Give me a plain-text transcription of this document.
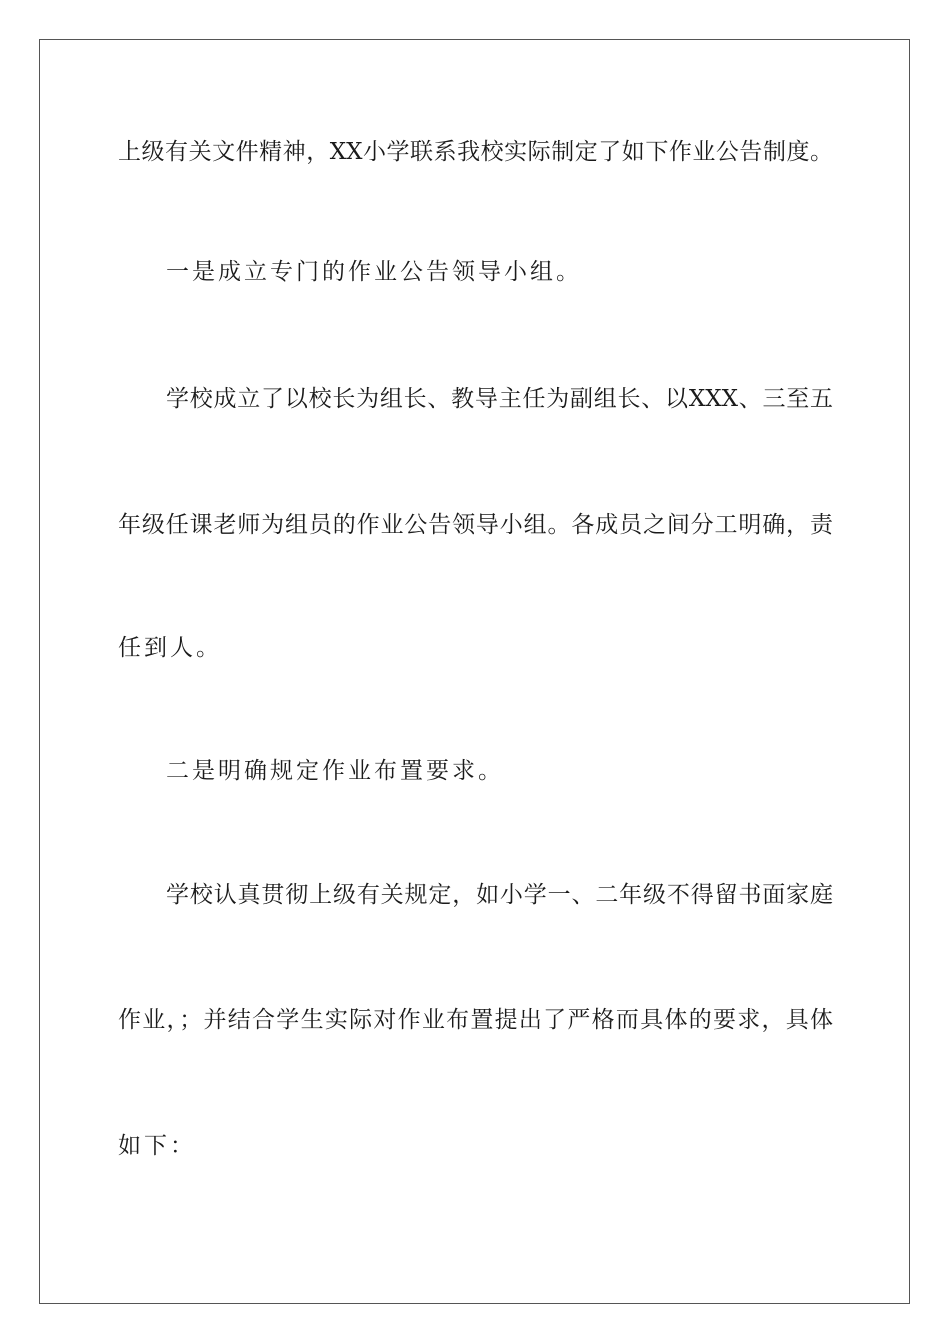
上级有关文件精神，XX小学联系我校实际制定了如下作业公告制度。
一是成立专门的作业公告领导小组。
学校成立了以校长为组长、教导主任为副组长、以XXX、三至五
年级任课老师为组员的作业公告领导小组。各成员之间分工明确，责
任到人。
二是明确规定作业布置要求。
学校认真贯彻上级有关规定，如小学一、二年级不得留书面家庭
作业，；并结合学生实际对作业布置提出了严格而具体的要求，具体
如下：
